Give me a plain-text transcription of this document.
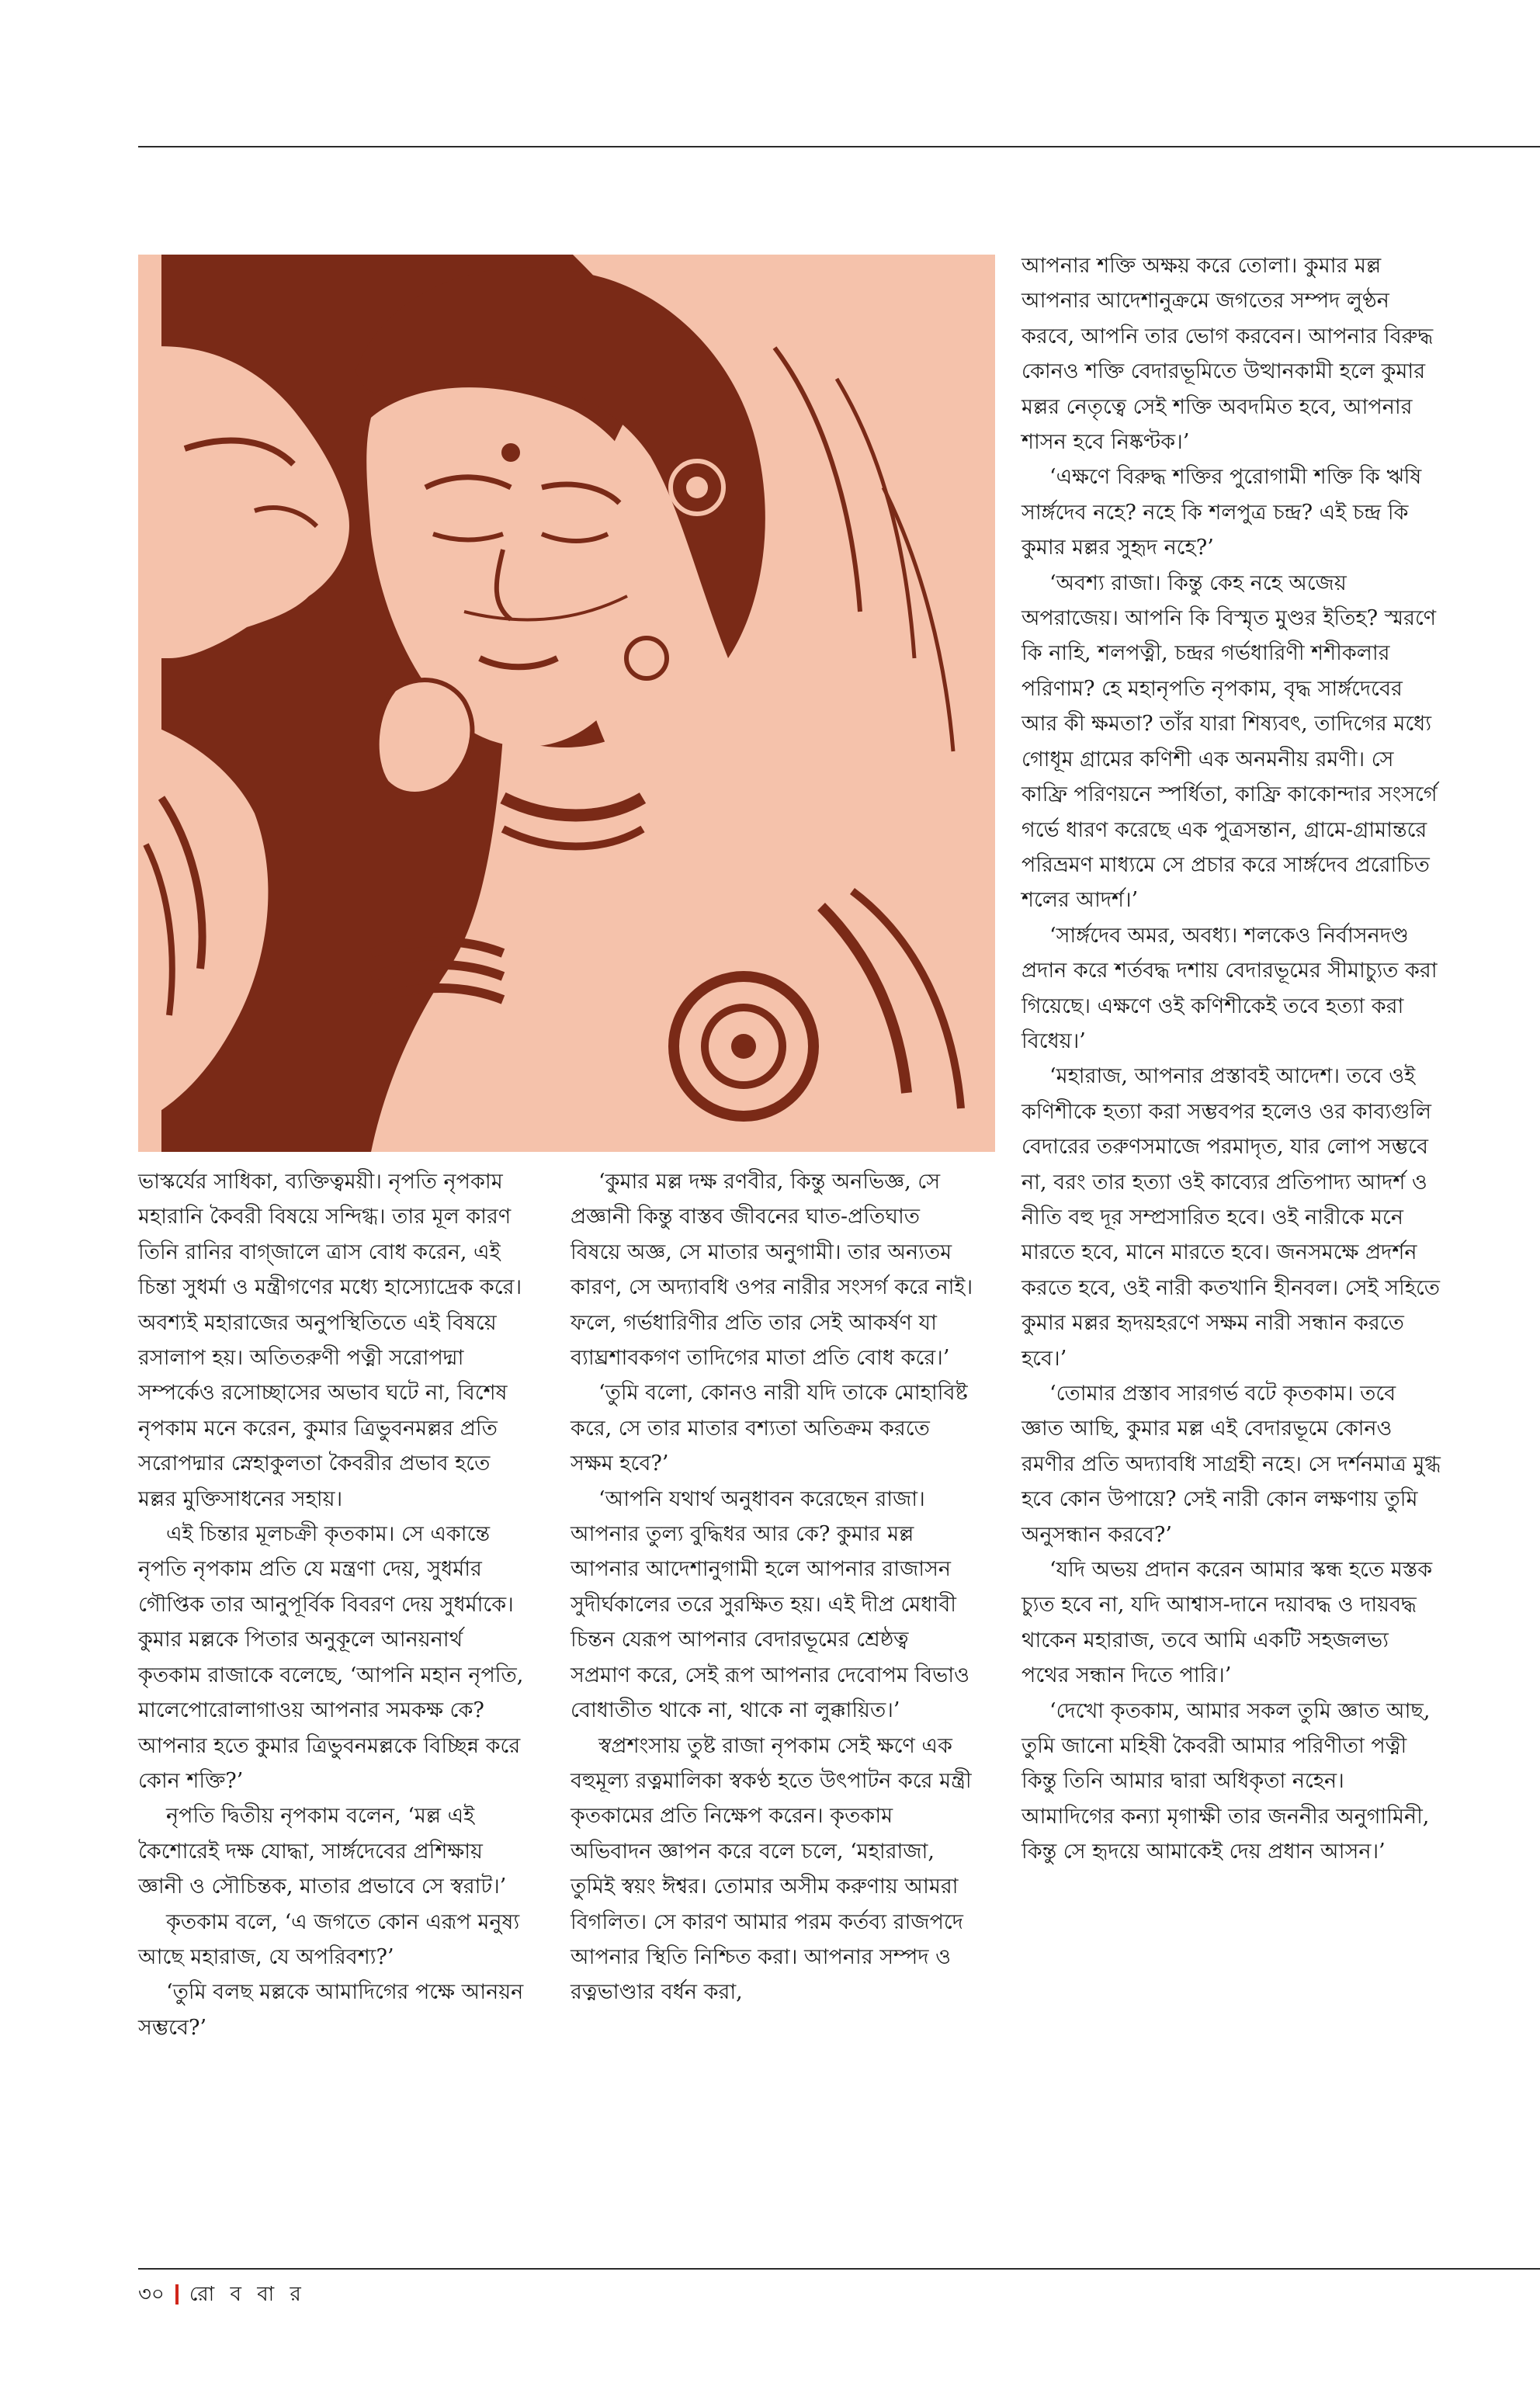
ভাস্কর্যের সাধিকা, ব্যক্তিত্বময়ী। নৃপতি নৃপকাম মহারানি কৈবরী বিষয়ে সন্দিগ্ধ। তার মূল কারণ তিনি রানির বাগ্জালে ত্রাস বোধ করেন, এই চিন্তা সুধর্মা ও মন্ত্রীগণের মধ্যে হাস্যোদ্রেক করে। অবশ্যই মহারাজের অনুপস্থিতিতে এই বিষয়ে রসালাপ হয়। অতিতরুণী পত্নী সরোপদ্মা সম্পর্কেও রসোচ্ছাসের অভাব ঘটে না, বিশেষ নৃপকাম মনে করেন, কুমার ত্রিভুবনমল্লর প্রতি সরোপদ্মার স্নেহাকুলতা কৈবরীর প্রভাব হতে মল্লর মুক্তিসাধনের সহায়।

এই চিন্তার মূলচক্রী কৃতকাম। সে একান্তে নৃপতি নৃপকাম প্রতি যে মন্ত্রণা দেয়, সুধর্মার গৌপ্তিক তার আনুপূর্বিক বিবরণ দেয় সুধর্মাকে। কুমার মল্লকে পিতার অনুকূলে আনয়নার্থ কৃতকাম রাজাকে বলেছে, ‘আপনি মহান নৃপতি, মালেপোরোলাগাওয় আপনার সমকক্ষ কে? আপনার হতে কুমার ত্রিভুবনমল্লকে বিচ্ছিন্ন করে কোন শক্তি?’

নৃপতি দ্বিতীয় নৃপকাম বলেন, ‘মল্ল এই কৈশোরেই দক্ষ যোদ্ধা, সার্ঙ্গদেবের প্রশিক্ষায় জ্ঞানী ও সৌচিন্তক, মাতার প্রভাবে সে স্বরাট।’

কৃতকাম বলে, ‘এ জগতে কোন এরূপ মনুষ্য আছে মহারাজ, যে অপরিবশ্য?’

‘তুমি বলছ মল্লকে আমাদিগের পক্ষে আনয়ন সম্ভবে?’

‘কুমার মল্ল দক্ষ রণবীর, কিন্তু অনভিজ্ঞ, সে প্রজ্ঞানী কিন্তু বাস্তব জীবনের ঘাত-প্রতিঘাত বিষয়ে অজ্ঞ, সে মাতার অনুগামী। তার অন্যতম কারণ, সে অদ্যাবধি ওপর নারীর সংসর্গ করে নাই। ফলে, গর্ভধারিণীর প্রতি তার সেই আকর্ষণ যা ব্যাঘ্রশাবকগণ তাদিগের মাতা প্রতি বোধ করে।’

‘তুমি বলো, কোনও নারী যদি তাকে মোহাবিষ্ট করে, সে তার মাতার বশ্যতা অতিক্রম করতে সক্ষম হবে?’

‘আপনি যথার্থ অনুধাবন করেছেন রাজা। আপনার তুল্য বুদ্ধিধর আর কে? কুমার মল্ল আপনার আদেশানুগামী হলে আপনার রাজাসন সুদীর্ঘকালের তরে সুরক্ষিত হয়। এই দীপ্র মেধাবী চিন্তন যেরূপ আপনার বেদারভূমের শ্রেষ্ঠত্ব সপ্রমাণ করে, সেই রূপ আপনার দেবোপম বিভাও বোধাতীত থাকে না, থাকে না লুক্কায়িত।’

স্বপ্রশংসায় তুষ্ট রাজা নৃপকাম সেই ক্ষণে এক বহুমূল্য রত্নমালিকা স্বকণ্ঠ হতে উৎপাটন করে মন্ত্রী কৃতকামের প্রতি নিক্ষেপ করেন। কৃতকাম অভিবাদন জ্ঞাপন করে বলে চলে, ‘মহারাজা, তুমিই স্বয়ং ঈশ্বর। তোমার অসীম করুণায় আমরা বিগলিত। সে কারণ আমার পরম কর্তব্য রাজপদে আপনার স্থিতি নিশ্চিত করা। আপনার সম্পদ ও রত্নভাণ্ডার বর্ধন করা,

আপনার শক্তি অক্ষয় করে তোলা। কুমার মল্ল আপনার আদেশানুক্রমে জগতের সম্পদ লুণ্ঠন করবে, আপনি তার ভোগ করবেন। আপনার বিরুদ্ধ কোনও শক্তি বেদারভূমিতে উত্থানকামী হলে কুমার মল্লর নেতৃত্বে সেই শক্তি অবদমিত হবে, আপনার শাসন হবে নিষ্কণ্টক।’

‘এক্ষণে বিরুদ্ধ শক্তির পুরোগামী শক্তি কি ঋষি সার্ঙ্গদেব নহে? নহে কি শলপুত্র চন্দ্র? এই চন্দ্র কি কুমার মল্লর সুহৃদ নহে?’

‘অবশ্য রাজা। কিন্তু কেহ নহে অজেয় অপরাজেয়। আপনি কি বিস্মৃত মুণ্ডর ইতিহ? স্মরণে কি নাহি, শলপত্নী, চন্দ্রর গর্ভধারিণী শশীকলার পরিণাম? হে মহানৃপতি নৃপকাম, বৃদ্ধ সার্ঙ্গদেবের আর কী ক্ষমতা? তাঁর যারা শিষ্যবৎ, তাদিগের মধ্যে গোধূম গ্রামের কণিশী এক অনমনীয় রমণী। সে কাফ্রি পরিণয়নে স্পর্ধিতা, কাফ্রি কাকোন্দার সংসর্গে গর্ভে ধারণ করেছে এক পুত্রসন্তান, গ্রামে-গ্রামান্তরে পরিভ্রমণ মাধ্যমে সে প্রচার করে সার্ঙ্গদেব প্ররোচিত শলের আদর্শ।’

‘সার্ঙ্গদেব অমর, অবধ্য। শলকেও নির্বাসনদণ্ড প্রদান করে শর্তবদ্ধ দশায় বেদারভূমের সীমাচ্যুত করা গিয়েছে। এক্ষণে ওই কণিশীকেই তবে হত্যা করা বিধেয়।’

‘মহারাজ, আপনার প্রস্তাবই আদেশ। তবে ওই কণিশীকে হত্যা করা সম্ভবপর হলেও ওর কাব্যগুলি বেদারের তরুণসমাজে পরমাদৃত, যার লোপ সম্ভবে না, বরং তার হত্যা ওই কাব্যের প্রতিপাদ্য আদর্শ ও নীতি বহু দূর সম্প্রসারিত হবে। ওই নারীকে মনে মারতে হবে, মানে মারতে হবে। জনসমক্ষে প্রদর্শন করতে হবে, ওই নারী কতখানি হীনবল। সেই সহিতে কুমার মল্লর হৃদয়হরণে সক্ষম নারী সন্ধান করতে হবে।’

‘তোমার প্রস্তাব সারগর্ভ বটে কৃতকাম। তবে জ্ঞাত আছি, কুমার মল্ল এই বেদারভূমে কোনও রমণীর প্রতি অদ্যাবধি সাগ্রহী নহে। সে দর্শনমাত্র মুগ্ধ হবে কোন উপায়ে? সেই নারী কোন লক্ষণায় তুমি অনুসন্ধান করবে?’

‘যদি অভয় প্রদান করেন আমার স্কন্ধ হতে মস্তক চ্যুত হবে না, যদি আশ্বাস-দানে দয়াবদ্ধ ও দায়বদ্ধ থাকেন মহারাজ, তবে আমি একটি সহজলভ্য পথের সন্ধান দিতে পারি।’

‘দেখো কৃতকাম, আমার সকল তুমি জ্ঞাত আছ, তুমি জানো মহিষী কৈবরী আমার পরিণীতা পত্নী কিন্তু তিনি আমার দ্বারা অধিকৃতা নহেন। আমাদিগের কন্যা মৃগাক্ষী তার জননীর অনুগামিনী, কিন্তু সে হৃদয়ে আমাকেই দেয় প্রধান আসন।’

৩০ রো ব বা র
